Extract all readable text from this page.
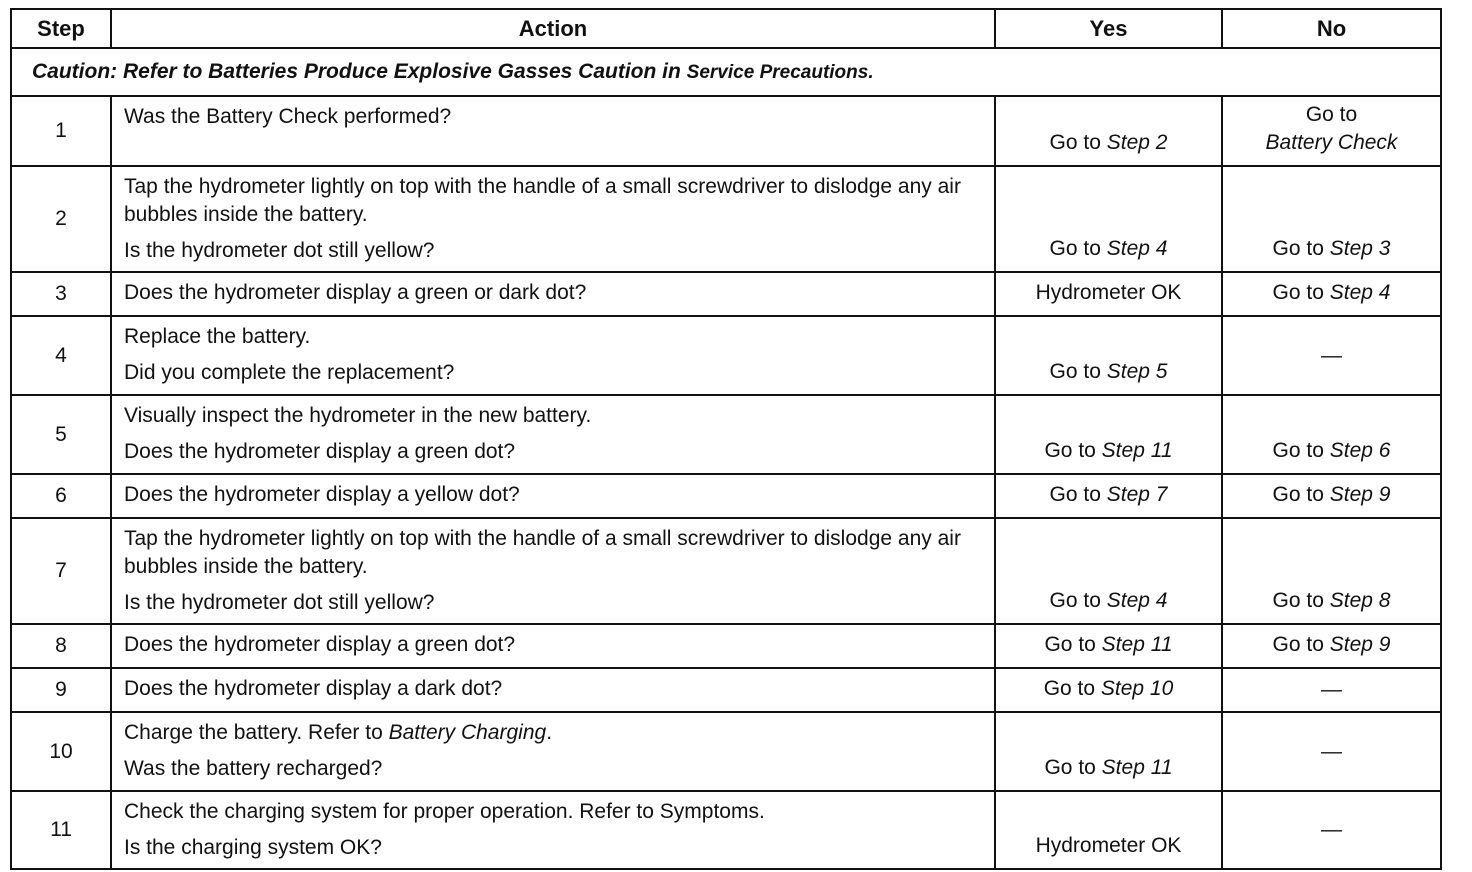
Step	Action	Yes	No
Caution: Refer to Batteries Produce Explosive Gasses Caution in Service Precautions.			
1	Was the Battery Check performed?	Go to Step 2	Go to
Battery Check

2	Tap the hydrometer lightly on top with the handle of a small screwdriver to dislodge any air bubbles inside the battery.
Is the hydrometer dot still yellow?	Go to Step 4	Go to Step 3
3	Does the hydrometer display a green or dark dot?	Hydrometer OK	Go to Step 4
4	Replace the battery.
Did you complete the replacement?	Go to Step 5	—
5	Visually inspect the hydrometer in the new battery.
Does the hydrometer display a green dot?	Go to Step 11	Go to Step 6
6	Does the hydrometer display a yellow dot?	Go to Step 7	Go to Step 9
7	Tap the hydrometer lightly on top with the handle of a small screwdriver to dislodge any air bubbles inside the battery.
Is the hydrometer dot still yellow?	Go to Step 4	Go to Step 8
8	Does the hydrometer display a green dot?	Go to Step 11	Go to Step 9
9	Does the hydrometer display a dark dot?	Go to Step 10	—
10	Charge the battery. Refer to Battery Charging.
Was the battery recharged?	Go to Step 11	—
11	Check the charging system for proper operation. Refer to Symptoms.
Is the charging system OK?	Hydrometer OK	—
